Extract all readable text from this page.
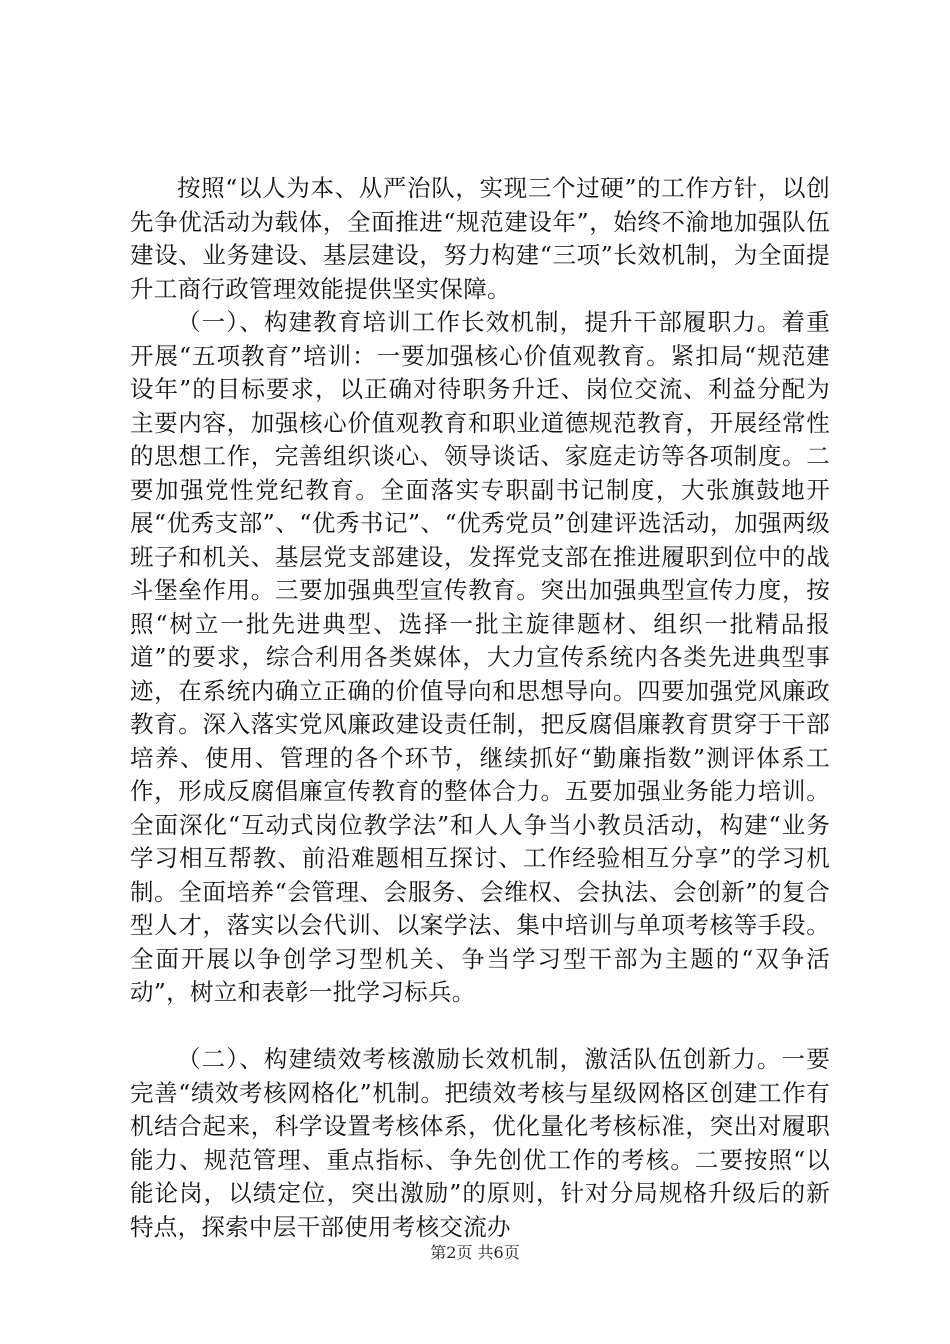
按照“以人为本、从严治队，实现三个过硬”的工作方针，以创先争优活动为载体，全面推进“规范建设年”，始终不渝地加强队伍建设、业务建设、基层建设，努力构建“三项”长效机制，为全面提升工商行政管理效能提供坚实保障。

（一）、构建教育培训工作长效机制，提升干部履职力。着重开展“五项教育”培训：一要加强核心价值观教育。紧扣局“规范建设年”的目标要求，以正确对待职务升迁、岗位交流、利益分配为主要内容，加强核心价值观教育和职业道德规范教育，开展经常性的思想工作，完善组织谈心、领导谈话、家庭走访等各项制度。二要加强党性党纪教育。全面落实专职副书记制度，大张旗鼓地开展“优秀支部”、“优秀书记”、“优秀党员”创建评选活动，加强两级班子和机关、基层党支部建设，发挥党支部在推进履职到位中的战斗堡垒作用。三要加强典型宣传教育。突出加强典型宣传力度，按照“树立一批先进典型、选择一批主旋律题材、组织一批精品报道”的要求，综合利用各类媒体，大力宣传系统内各类先进典型事迹，在系统内确立正确的价值导向和思想导向。四要加强党风廉政教育。深入落实党风廉政建设责任制，把反腐倡廉教育贯穿于干部培养、使用、管理的各个环节，继续抓好“勤廉指数”测评体系工作，形成反腐倡廉宣传教育的整体合力。五要加强业务能力培训。全面深化“互动式岗位教学法”和人人争当小教员活动，构建“业务学习相互帮教、前沿难题相互探讨、工作经验相互分享”的学习机制。全面培养“会管理、会服务、会维权、会执法、会创新”的复合型人才，落实以会代训、以案学法、集中培训与单项考核等手段。全面开展以争创学习型机关、争当学习型干部为主题的“双争活动”，树立和表彰一批学习标兵。

（二）、构建绩效考核激励长效机制，激活队伍创新力。一要完善“绩效考核网格化”机制。把绩效考核与星级网格区创建工作有机结合起来，科学设置考核体系，优化量化考核标准，突出对履职能力、规范管理、重点指标、争先创优工作的考核。二要按照“以能论岗，以绩定位，突出激励”的原则，针对分局规格升级后的新特点，探索中层干部使用考核交流办

第2页 共6页
